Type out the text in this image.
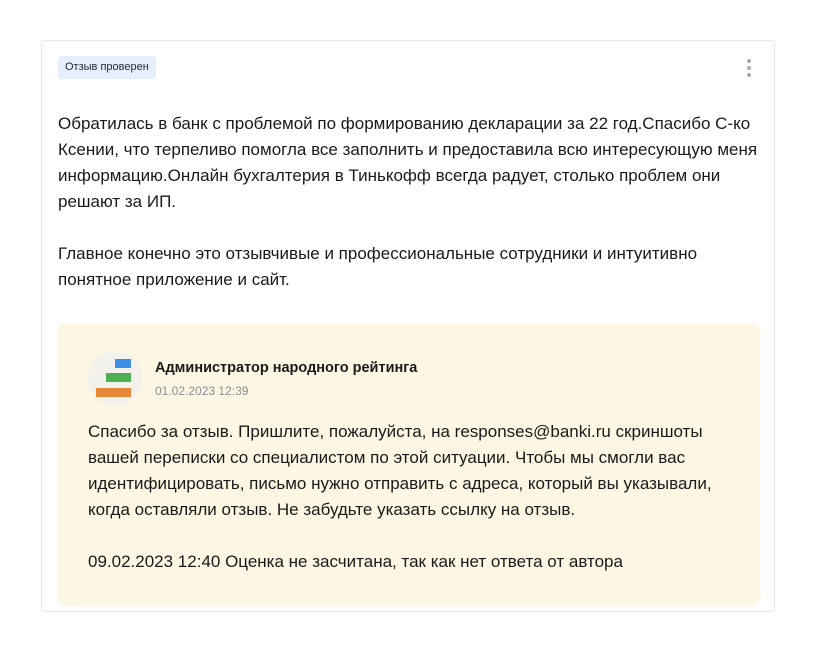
Отзыв проверен

Обратилась в банк с проблемой по формированию декларации за 22 год.Спасибо С-ко Ксении, что терпеливо помогла все заполнить и предоставила всю интересующую меня информацию.Онлайн бухгалтерия в Тинькофф всегда радует, столько проблем они решают за ИП.

Главное конечно это отзывчивые и профессиональные сотрудники и интуитивно понятное приложение и сайт.

Администратор народного рейтинга
01.02.2023 12:39

Спасибо за отзыв. Пришлите, пожалуйста, на responses@banki.ru скриншоты вашей переписки со специалистом по этой ситуации. Чтобы мы смогли вас идентифицировать, письмо нужно отправить с адреса, который вы указывали, когда оставляли отзыв. Не забудьте указать ссылку на отзыв.

09.02.2023 12:40 Оценка не засчитана, так как нет ответа от автора
